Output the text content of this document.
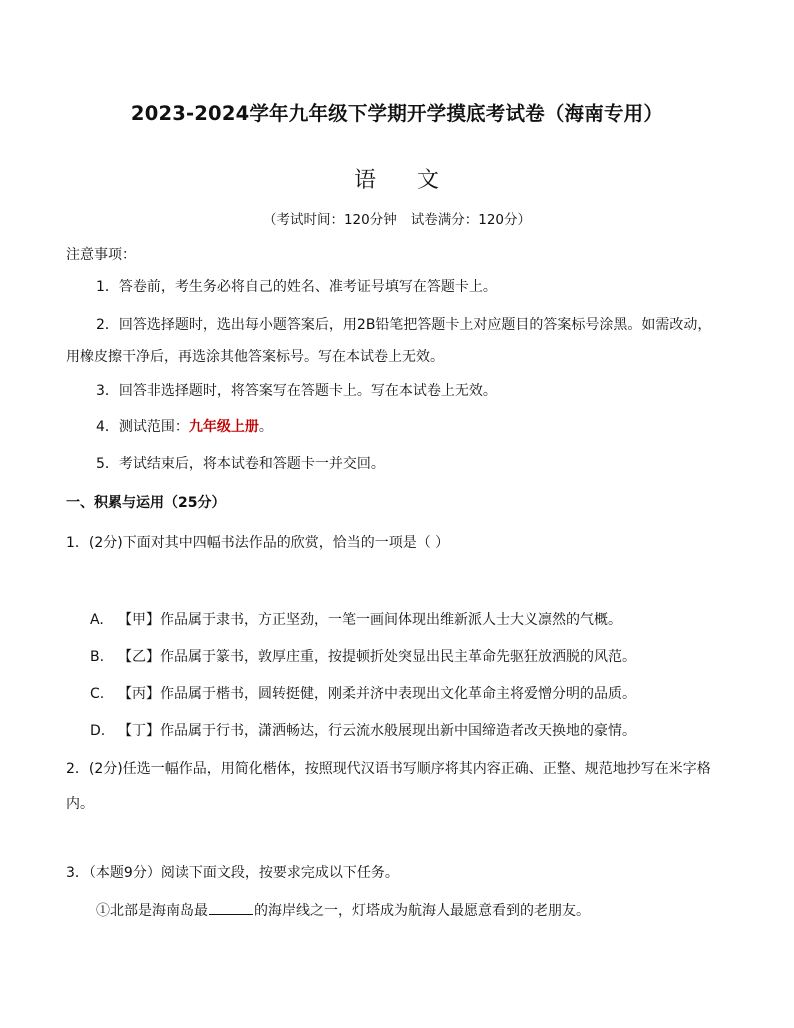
2023-2024学年九年级下学期开学摸底考试卷（海南专用）
语 文
（考试时间：120分钟 试卷满分：120分）
注意事项：
1．答卷前，考生务必将自己的姓名、准考证号填写在答题卡上。
2．回答选择题时，选出每小题答案后，用2B铅笔把答题卡上对应题目的答案标号涂黑。如需改动，
用橡皮擦干净后，再选涂其他答案标号。写在本试卷上无效。
3．回答非选择题时，将答案写在答题卡上。写在本试卷上无效。
4．测试范围：九年级上册。
5．考试结束后，将本试卷和答题卡一并交回。
一、积累与运用（25分）
1．(2分)下面对其中四幅书法作品的欣赏，恰当的一项是（ ）
A. 【甲】作品属于隶书，方正坚劲，一笔一画间体现出维新派人士大义凛然的气概。
B. 【乙】作品属于篆书，敦厚庄重，按提顿折处突显出民主革命先驱狂放洒脱的风范。
C. 【丙】作品属于楷书，圆转挺健，刚柔并济中表现出文化革命主将爱憎分明的品质。
D. 【丁】作品属于行书，潇洒畅达，行云流水般展现出新中国缔造者改天换地的豪情。
2．(2分)任选一幅作品，用简化楷体，按照现代汉语书写顺序将其内容正确、正整、规范地抄写在米字格
内。
3．（本题9分）阅读下面文段，按要求完成以下任务。
①北部是海南岛最	的海岸线之一，灯塔成为航海人最愿意看到的老朋友。
